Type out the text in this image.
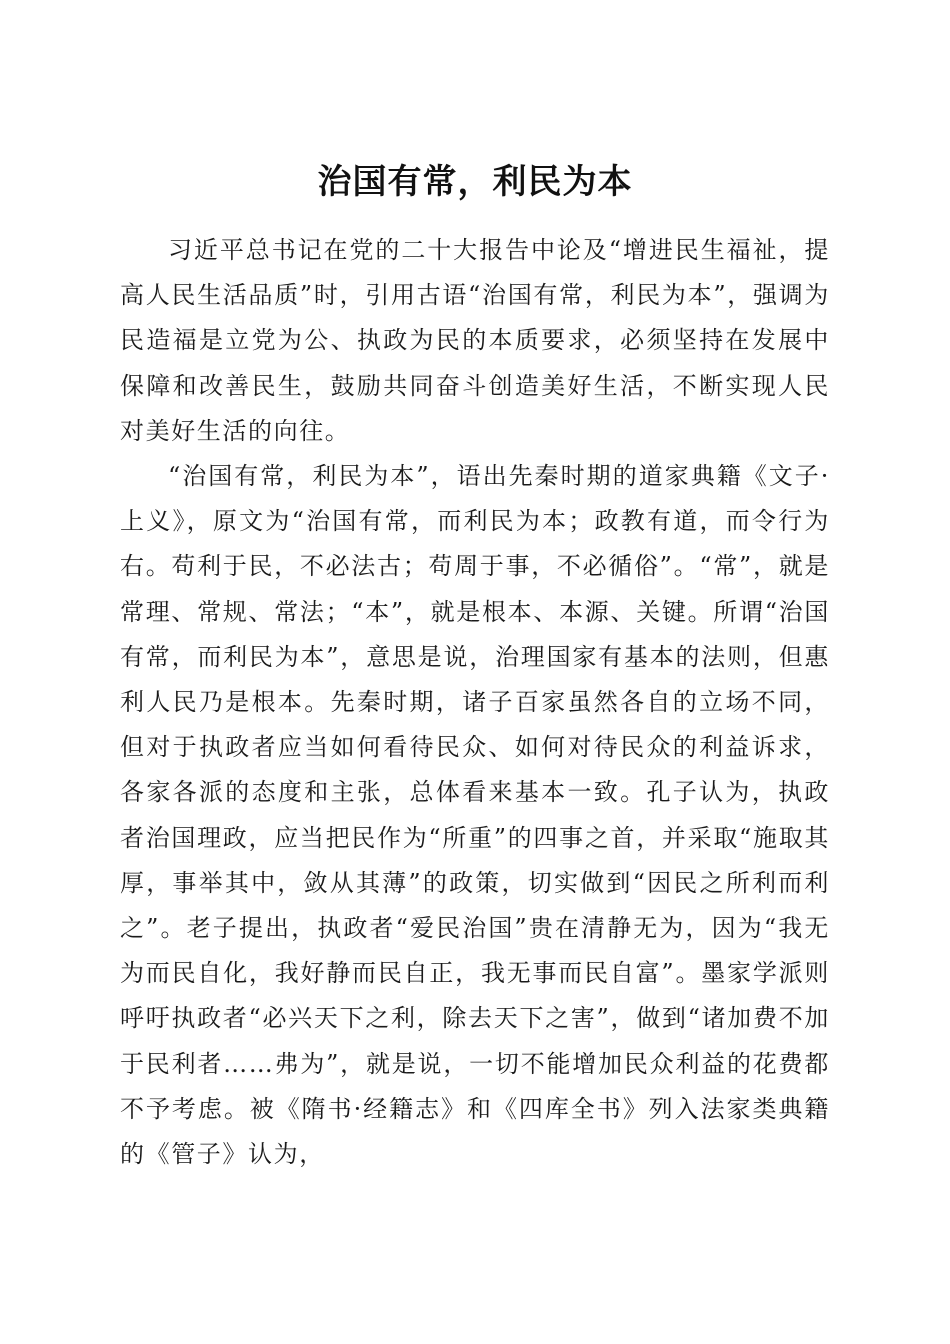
治国有常，利民为本

习近平总书记在党的二十大报告中论及“增进民生福祉，提高人民生活品质”时，引用古语“治国有常，利民为本”，强调为民造福是立党为公、执政为民的本质要求，必须坚持在发展中保障和改善民生，鼓励共同奋斗创造美好生活，不断实现人民对美好生活的向往。

“治国有常，利民为本”，语出先秦时期的道家典籍《文子·上义》，原文为“治国有常，而利民为本；政教有道，而令行为右。苟利于民，不必法古；苟周于事，不必循俗”。“常”，就是常理、常规、常法；“本”，就是根本、本源、关键。所谓“治国有常，而利民为本”，意思是说，治理国家有基本的法则，但惠利人民乃是根本。先秦时期，诸子百家虽然各自的立场不同，但对于执政者应当如何看待民众、如何对待民众的利益诉求，各家各派的态度和主张，总体看来基本一致。孔子认为，执政者治国理政，应当把民作为“所重”的四事之首，并采取“施取其厚，事举其中，敛从其薄”的政策，切实做到“因民之所利而利之”。老子提出，执政者“爱民治国”贵在清静无为，因为“我无为而民自化，我好静而民自正，我无事而民自富”。墨家学派则呼吁执政者“必兴天下之利，除去天下之害”，做到“诸加费不加于民利者……弗为”，就是说，一切不能增加民众利益的花费都不予考虑。被《隋书·经籍志》和《四库全书》列入法家类典籍的《管子》认为，
